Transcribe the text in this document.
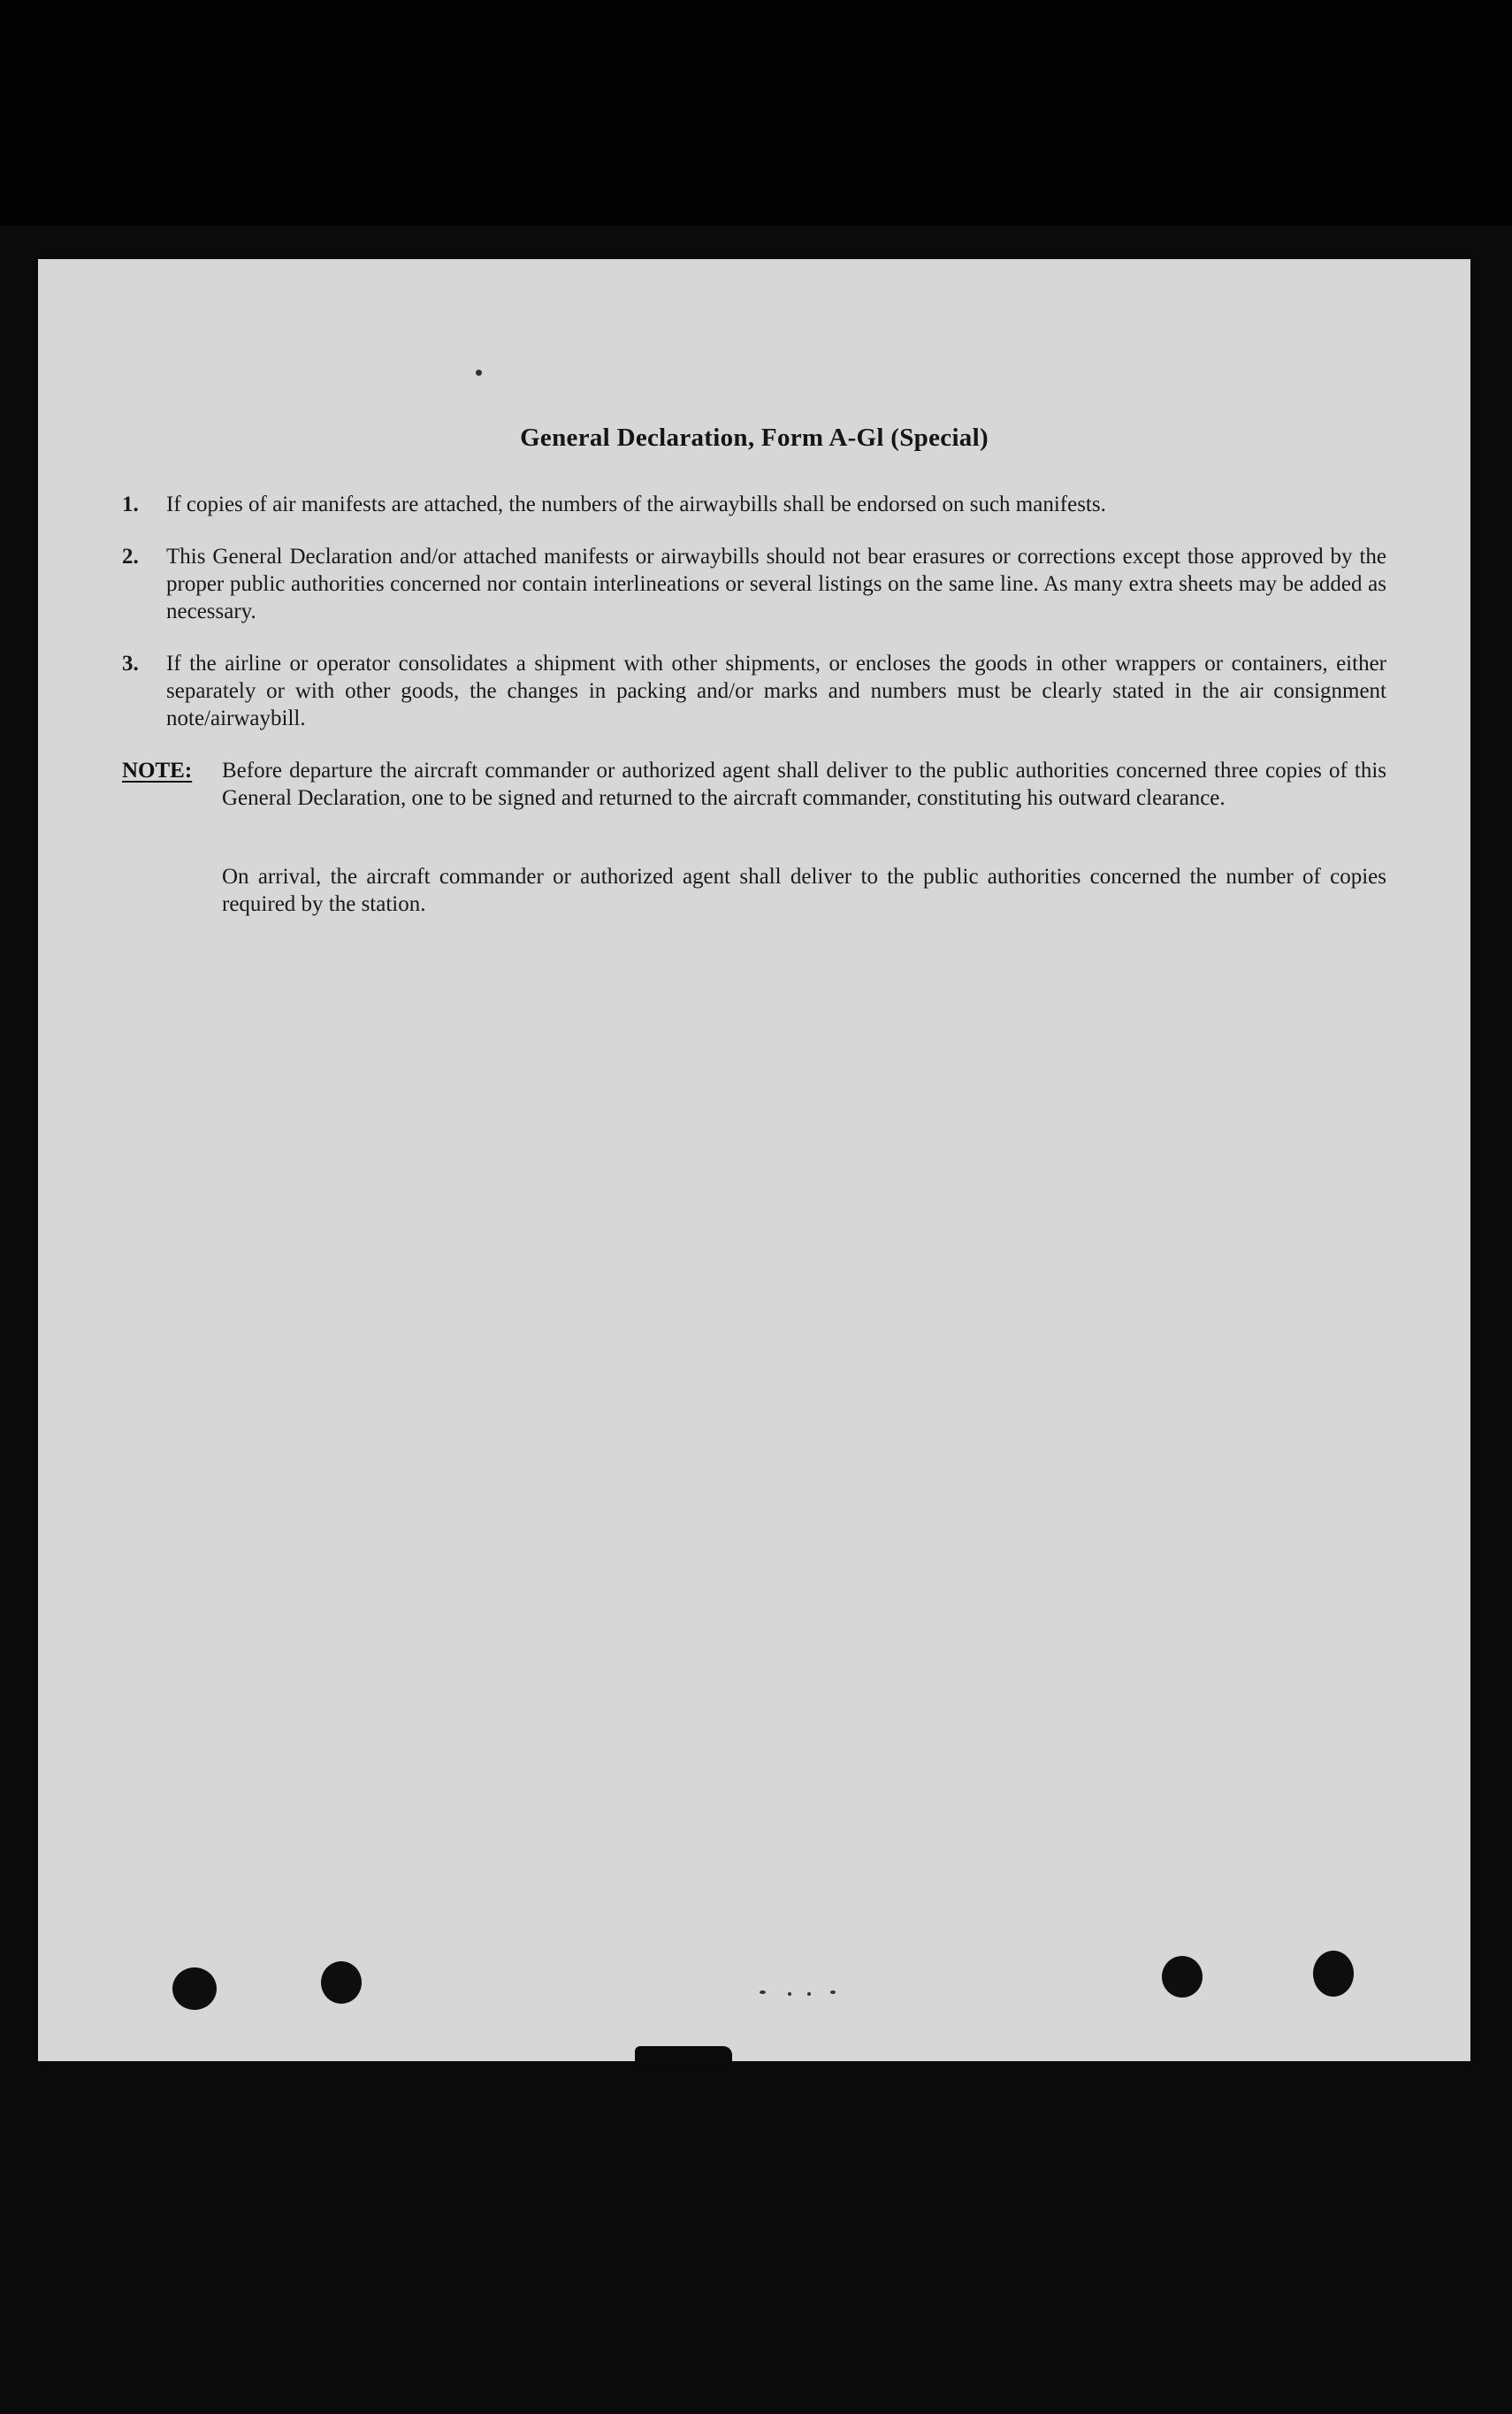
General Declaration, Form A-Gl (Special)
1. If copies of air manifests are attached, the numbers of the airwaybills shall be endorsed on such manifests.
2. This General Declaration and/or attached manifests or airwaybills should not bear erasures or corrections except those approved by the proper public authorities concerned nor contain interlineations or several listings on the same line. As many extra sheets may be added as necessary.
3. If the airline or operator consolidates a shipment with other shipments, or encloses the goods in other wrappers or containers, either separately or with other goods, the changes in packing and/or marks and numbers must be clearly stated in the air consignment note/airwaybill.
NOTE: Before departure the aircraft commander or authorized agent shall deliver to the public authorities concerned three copies of this General Declaration, one to be signed and returned to the aircraft commander, constituting his outward clearance.
On arrival, the aircraft commander or authorized agent shall deliver to the public authorities concerned the number of copies required by the station.
